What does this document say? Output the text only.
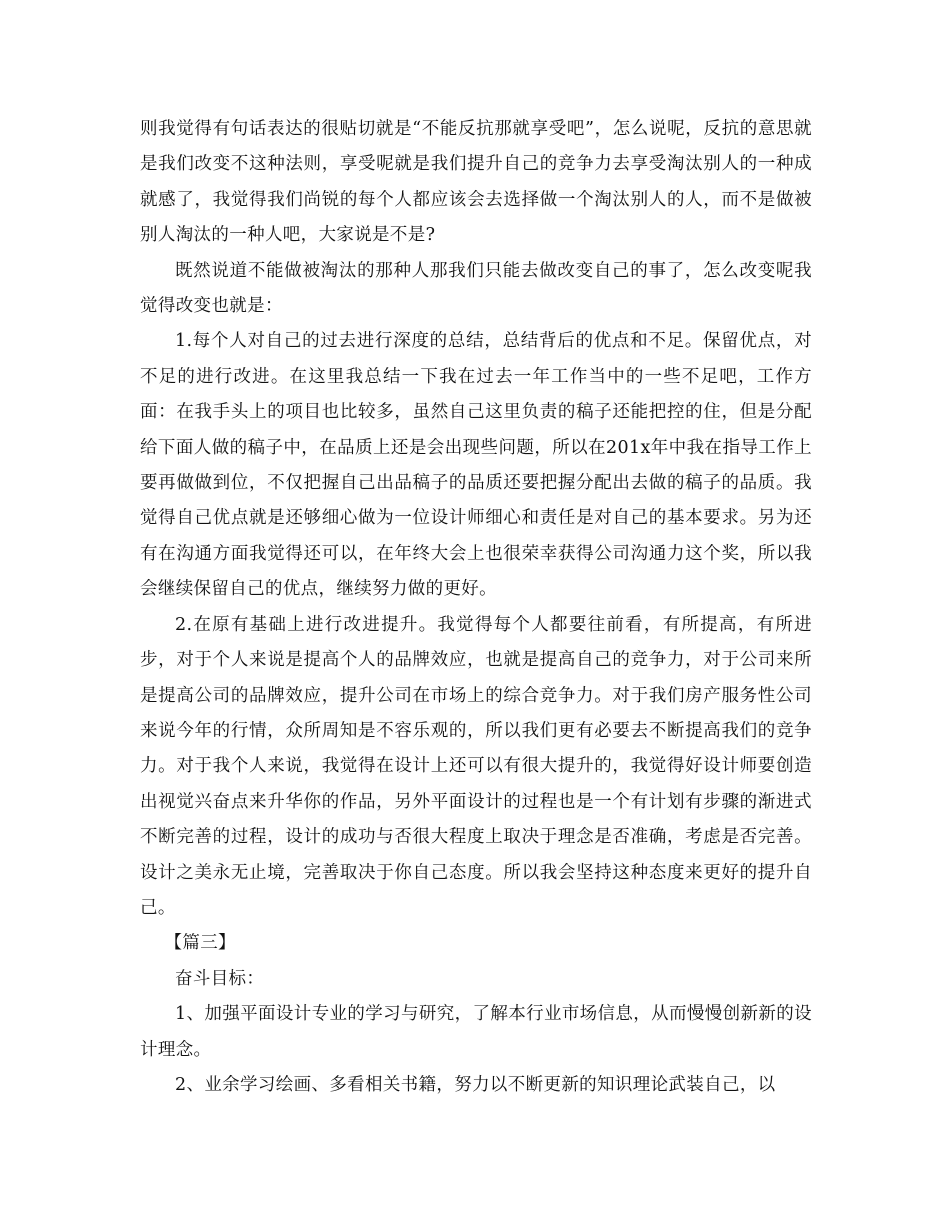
则我觉得有句话表达的很贴切就是“不能反抗那就享受吧”，怎么说呢，反抗的意思就是我们改变不这种法则，享受呢就是我们提升自己的竞争力去享受淘汰别人的一种成就感了，我觉得我们尚锐的每个人都应该会去选择做一个淘汰别人的人，而不是做被别人淘汰的一种人吧，大家说是不是?

既然说道不能做被淘汰的那种人那我们只能去做改变自己的事了，怎么改变呢我觉得改变也就是：

1.每个人对自己的过去进行深度的总结，总结背后的优点和不足。保留优点，对不足的进行改进。在这里我总结一下我在过去一年工作当中的一些不足吧，工作方面：在我手头上的项目也比较多，虽然自己这里负责的稿子还能把控的住，但是分配给下面人做的稿子中，在品质上还是会出现些问题，所以在201x年中我在指导工作上要再做做到位，不仅把握自己出品稿子的品质还要把握分配出去做的稿子的品质。我觉得自己优点就是还够细心做为一位设计师细心和责任是对自己的基本要求。另为还有在沟通方面我觉得还可以，在年终大会上也很荣幸获得公司沟通力这个奖，所以我会继续保留自己的优点，继续努力做的更好。

2.在原有基础上进行改进提升。我觉得每个人都要往前看，有所提高，有所进步，对于个人来说是提高个人的品牌效应，也就是提高自己的竞争力，对于公司来所是提高公司的品牌效应，提升公司在市场上的综合竞争力。对于我们房产服务性公司来说今年的行情，众所周知是不容乐观的，所以我们更有必要去不断提高我们的竞争力。对于我个人来说，我觉得在设计上还可以有很大提升的，我觉得好设计师要创造出视觉兴奋点来升华你的作品，另外平面设计的过程也是一个有计划有步骤的渐进式不断完善的过程，设计的成功与否很大程度上取决于理念是否准确，考虑是否完善。设计之美永无止境，完善取决于你自己态度。所以我会坚持这种态度来更好的提升自己。

【篇三】

奋斗目标：

1、加强平面设计专业的学习与研究，了解本行业市场信息，从而慢慢创新新的设计理念。

2、业余学习绘画、多看相关书籍，努力以不断更新的知识理论武装自己，以
